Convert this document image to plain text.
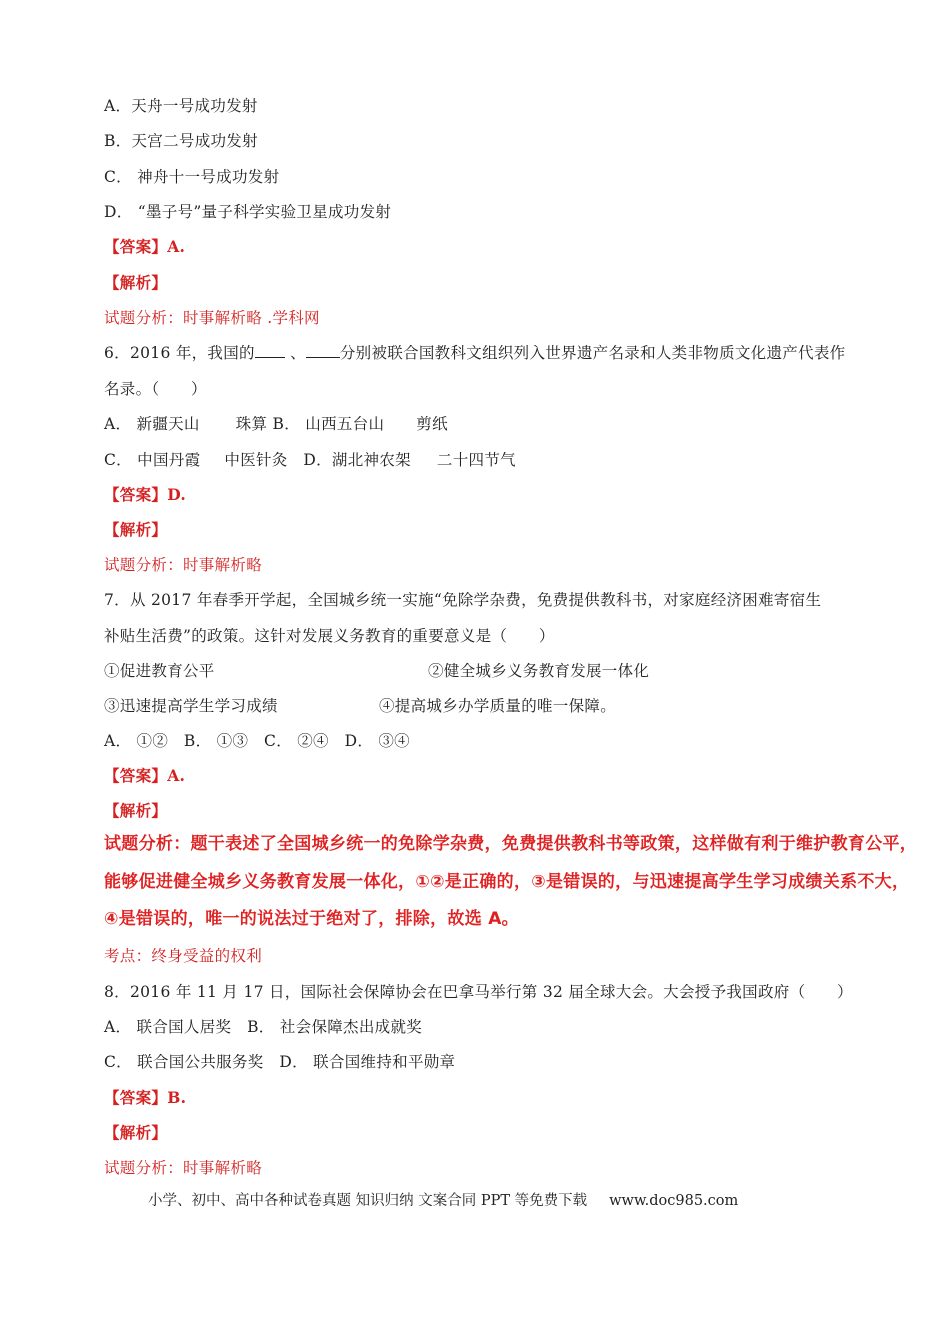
A．天舟一号成功发射
B．天宫二号成功发射
C． 神舟十一号成功发射
D． “墨子号”量子科学实验卫星成功发射
【答案】A.
【解析】
试题分析：时事解析略 .学科网
6．2016 年，我国的 、 分别被联合国教科文组织列入世界遗产名录和人类非物质文化遗产代表作
名录。（　　）
A． 新疆天山 珠算 B． 山西五台山 剪纸
C． 中国丹霞 中医针灸　D．湖北神农架 二十四节气
【答案】D.
【解析】
试题分析：时事解析略
7．从 2017 年春季开学起，全国城乡统一实施“免除学杂费，免费提供教科书，对家庭经济困难寄宿生
补贴生活费”的政策。这针对发展义务教育的重要意义是（　　）
①促进教育公平	②健全城乡义务教育发展一体化
③迅速提高学生学习成绩	④提高城乡办学质量的唯一保障。
A． ①②　B． ①③　C． ②④　D． ③④
【答案】A.
【解析】
试题分析：题干表述了全国城乡统一的免除学杂费，免费提供教科书等政策，这样做有利于维护教育公平，
能够促进健全城乡义务教育发展一体化，①②是正确的，③是错误的，与迅速提高学生学习成绩关系不大，
④是错误的，唯一的说法过于绝对了，排除，故选 A。
考点：终身受益的权利
8．2016 年 11 月 17 日，国际社会保障协会在巴拿马举行第 32 届全球大会。大会授予我国政府（　　）
A． 联合国人居奖　B． 社会保障杰出成就奖
C． 联合国公共服务奖　D． 联合国维持和平勋章
【答案】B.
【解析】
试题分析：时事解析略
小学、初中、高中各种试卷真题 知识归纳 文案合同 PPT 等免费下载 www.doc985.com
